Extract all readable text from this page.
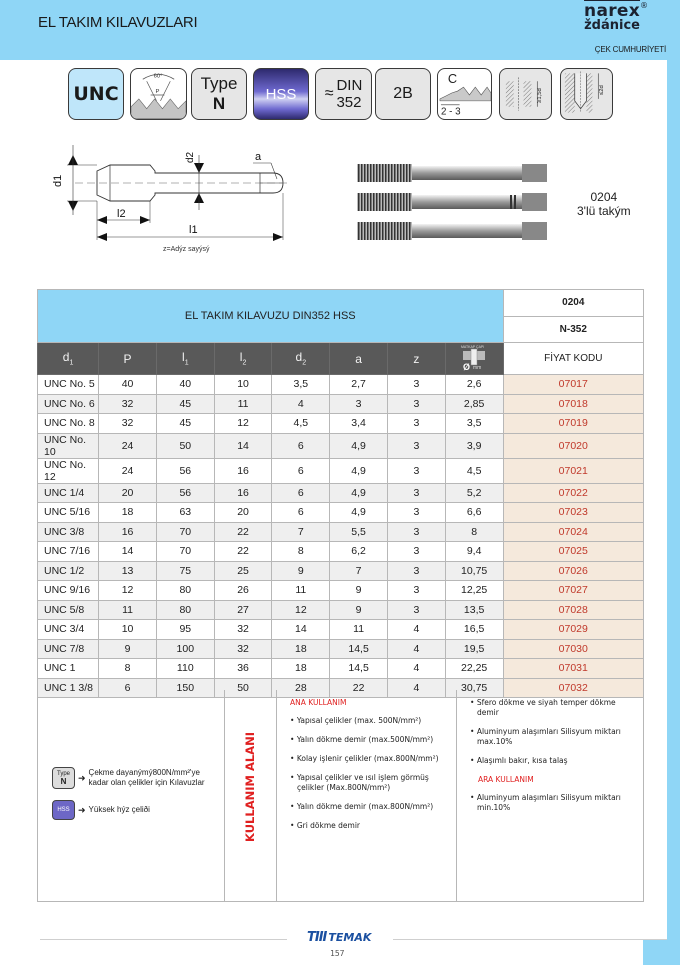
EL TAKIM KILAVUZLARI
narex
ždánice
®
ÇEK CUMHURİYETİ
UNC
60°
P Type
N	HSS ≈ DIN
352
2B
C
2 - 3
≥1,5d	≤2d
d1
d2	a
l2
l1
z=Adýz sayýsý
0204
3'lü takým
EL TAKIM KILAVUZU DIN352 HSS								0204
								N-352
$d_1$	P	$l_1$	$l_2$	$d_2$	a	z	MATKAP ÇAPI
Ø mm	FİYAT KODU
UNC No. 5	40	40	10	3,5	2,7	3	2,6	07017
UNC No. 6	32	45	11	4	3	3	2,85	07018
UNC No. 8	32	45	12	4,5	3,4	3	3,5	07019
UNC No. 10	24	50	14	6	4,9	3	3,9	07020
UNC No. 12	24	56	16	6	4,9	3	4,5	07021
UNC 1/4	20	56	16	6	4,9	3	5,2	07022
UNC 5/16	18	63	20	6	4,9	3	6,6	07023
UNC 3/8	16	70	22	7	5,5	3	8	07024
UNC 7/16	14	70	22	8	6,2	3	9,4	07025
UNC 1/2	13	75	25	9	7	3	10,75	07026
UNC 9/16	12	80	26	11	9	3	12,25	07027
UNC 5/8	11	80	27	12	9	3	13,5	07028
UNC 3/4	10	95	32	14	11	4	16,5	07029
UNC 7/8	9	100	32	18	14,5	4	19,5	07030
UNC 1	8	110	36	18	14,5	4	22,25	07031
UNC 1 3/8	6	150	50	28	22	4	30,75	07032
Type
N ➜
Çekme dayanýmý800N/mm²'ye
kadar olan çelikler için Kılavuzlar
HSS ➜ Yüksek hýz çeliði	KULLANIM ALANI
ANA KULLANIM
• Yapısal çelikler (max. 500N/mm²)
• Yalın dökme demir (max.500N/mm²)
• Kolay işlenir çelikler (max.800N/mm²)
• Yapısal çelikler ve ısıl işlem görmüş çelikler (Max.800N/mm²)
• Yalın dökme demir (max.800N/mm²)
• Gri dökme demir
• Sfero dökme ve siyah temper dökme demir
• Aluminyum alaşımları Silisyum miktarı max.10%
• Alaşımlı bakır, kısa talaş
ARA KULLANIM
• Aluminyum alaşımları Silisyum miktarı min.10%
TIII TEMAK
157
